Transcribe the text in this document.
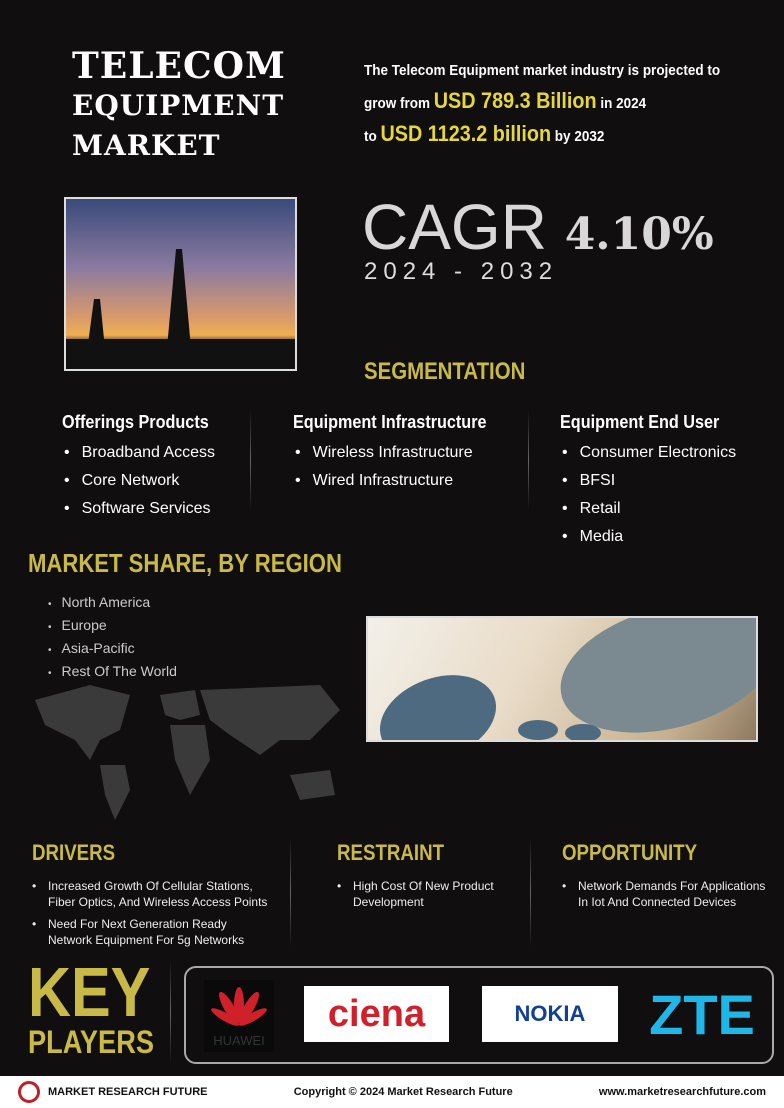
TELECOM
EQUIPMENT
MARKET
The Telecom Equipment market industry is projected to
grow from USD 789.3 Billion in 2024
to USD 1123.2 billion by 2032
CAGR 4.10%
2024 - 2032
SEGMENTATION
Offerings Products
• Broadband Access
• Core Network
• Software Services
Equipment Infrastructure
• Wireless Infrastructure
• Wired Infrastructure
Equipment End User
• Consumer Electronics
• BFSI
• Retail
• Media
MARKET SHARE, BY REGION
• North America
• Europe
• Asia-Pacific
• Rest Of The World
DRIVERS
• Increased Growth Of Cellular Stations, Fiber Optics, And Wireless Access Points
• Need For Next Generation Ready Network Equipment For 5g Networks
RESTRAINT
• High Cost Of New Product Development
OPPORTUNITY
• Network Demands For Applications In Iot And Connected Devices
KEY
PLAYERS	HUAWEI
ciena	NOKIA	ZTE
MARKET RESEARCH FUTURE	Copyright © 2024 Market Research Future	www.marketresearchfuture.com
